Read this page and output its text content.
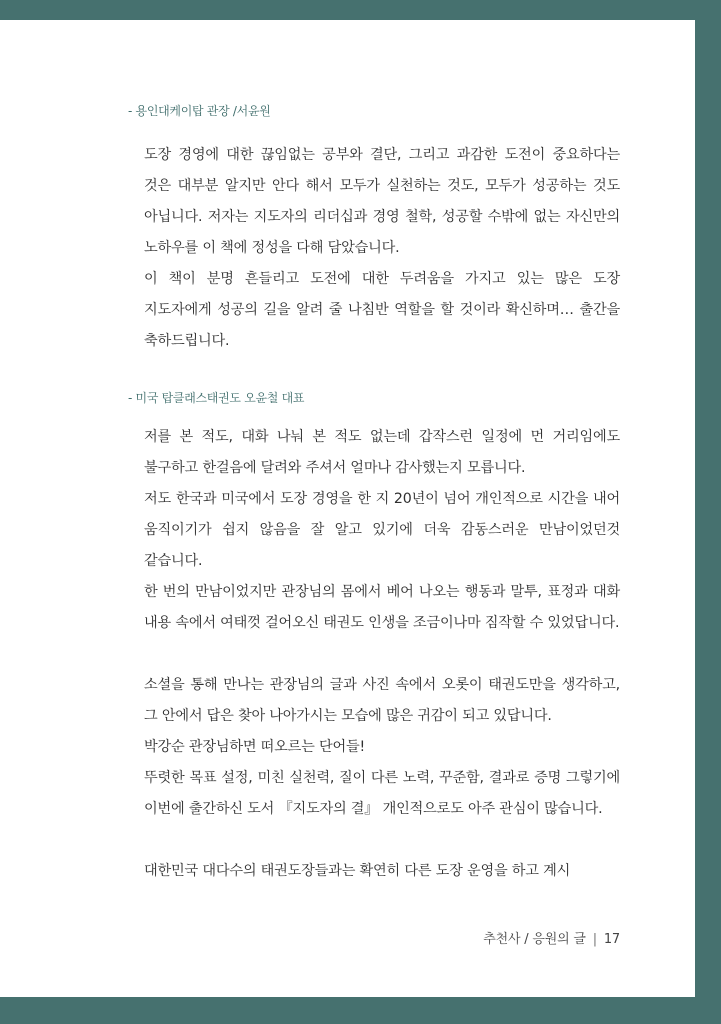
- 용인대케이탑 관장 /서윤원

도장 경영에 대한 끊임없는 공부와 결단, 그리고 과감한 도전이 중요하다는 것은 대부분 알지만 안다 해서 모두가 실천하는 것도, 모두가 성공하는 것도 아닙니다. 저자는 지도자의 리더십과 경영 철학, 성공할 수밖에 없는 자신만의 노하우를 이 책에 정성을 다해 담았습니다.

이 책이 분명 흔들리고 도전에 대한 두려움을 가지고 있는 많은 도장 지도자에게 성공의 길을 알려 줄 나침반 역할을 할 것이라 확신하며… 출간을 축하드립니다.

- 미국 탑클래스태권도 오윤철 대표

저를 본 적도, 대화 나눠 본 적도 없는데 갑작스런 일정에 먼 거리임에도 불구하고 한걸음에 달려와 주셔서 얼마나 감사했는지 모릅니다.

저도 한국과 미국에서 도장 경영을 한 지 20년이 넘어 개인적으로 시간을 내어 움직이기가 쉽지 않음을 잘 알고 있기에 더욱 감동스러운 만남이었던것 같습니다.

한 번의 만남이었지만 관장님의 몸에서 베어 나오는 행동과 말투, 표정과 대화 내용 속에서 여태껏 걸어오신 태권도 인생을 조금이나마 짐작할 수 있었답니다.

소셜을 통해 만나는 관장님의 글과 사진 속에서 오롯이 태권도만을 생각하고, 그 안에서 답은 찾아 나아가시는 모습에 많은 귀감이 되고 있답니다.

박강순 관장님하면 떠오르는 단어들!

뚜렷한 목표 설정, 미친 실천력, 질이 다른 노력, 꾸준함, 결과로 증명 그렇기에 이번에 출간하신 도서 『지도자의 결』 개인적으로도 아주 관심이 많습니다.

대한민국 대다수의 태권도장들과는 확연히 다른 도장 운영을 하고 계시

추천사 / 응원의 글 | 17
